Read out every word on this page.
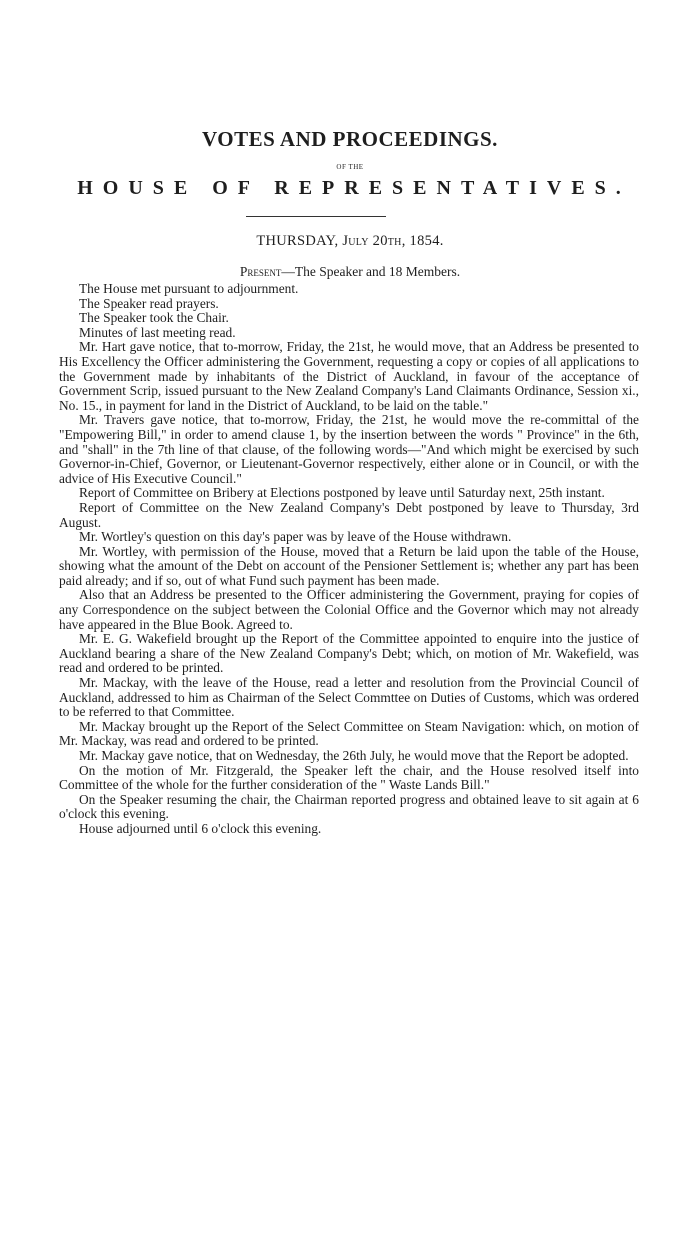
VOTES AND PROCEEDINGS.
OF THE
HOUSE OF REPRESENTATIVES.
THURSDAY, July 20th, 1854.
Present—The Speaker and 18 Members.

The House met pursuant to adjournment.

The Speaker read prayers.

The Speaker took the Chair.

Minutes of last meeting read.

Mr. Hart gave notice, that to-morrow, Friday, the 21st, he would move, that an Address be presented to His Excellency the Officer administering the Government, requesting a copy or copies of all applications to the Government made by inhabitants of the District of Auckland, in favour of the acceptance of Government Scrip, issued pursuant to the New Zealand Company's Land Claimants Ordinance, Session xi., No. 15., in payment for land in the District of Auckland, to be laid on the table."

Mr. Travers gave notice, that to-morrow, Friday, the 21st, he would move the re-committal of the "Empowering Bill," in order to amend clause 1, by the insertion between the words " Province" in the 6th, and "shall" in the 7th line of that clause, of the following words—"And which might be exercised by such Governor-in-Chief, Governor, or Lieutenant-Governor respectively, either alone or in Council, or with the advice of His Executive Council."

Report of Committee on Bribery at Elections postponed by leave until Saturday next, 25th instant.

Report of Committee on the New Zealand Company's Debt postponed by leave to Thursday, 3rd August.

Mr. Wortley's question on this day's paper was by leave of the House withdrawn.

Mr. Wortley, with permission of the House, moved that a Return be laid upon the table of the House, showing what the amount of the Debt on account of the Pensioner Settlement is; whether any part has been paid already; and if so, out of what Fund such payment has been made.

Also that an Address be presented to the Officer administering the Government, praying for copies of any Correspondence on the subject between the Colonial Office and the Governor which may not already have appeared in the Blue Book. Agreed to.

Mr. E. G. Wakefield brought up the Report of the Committee appointed to enquire into the justice of Auckland bearing a share of the New Zealand Company's Debt; which, on motion of Mr. Wakefield, was read and ordered to be printed.

Mr. Mackay, with the leave of the House, read a letter and resolution from the Provincial Council of Auckland, addressed to him as Chairman of the Select Commttee on Duties of Customs, which was ordered to be referred to that Committee.

Mr. Mackay brought up the Report of the Select Committee on Steam Navigation: which, on motion of Mr. Mackay, was read and ordered to be printed.

Mr. Mackay gave notice, that on Wednesday, the 26th July, he would move that the Report be adopted.

On the motion of Mr. Fitzgerald, the Speaker left the chair, and the House resolved itself into Committee of the whole for the further consideration of the " Waste Lands Bill."

On the Speaker resuming the chair, the Chairman reported progress and obtained leave to sit again at 6 o'clock this evening.

House adjourned until 6 o'clock this evening.
